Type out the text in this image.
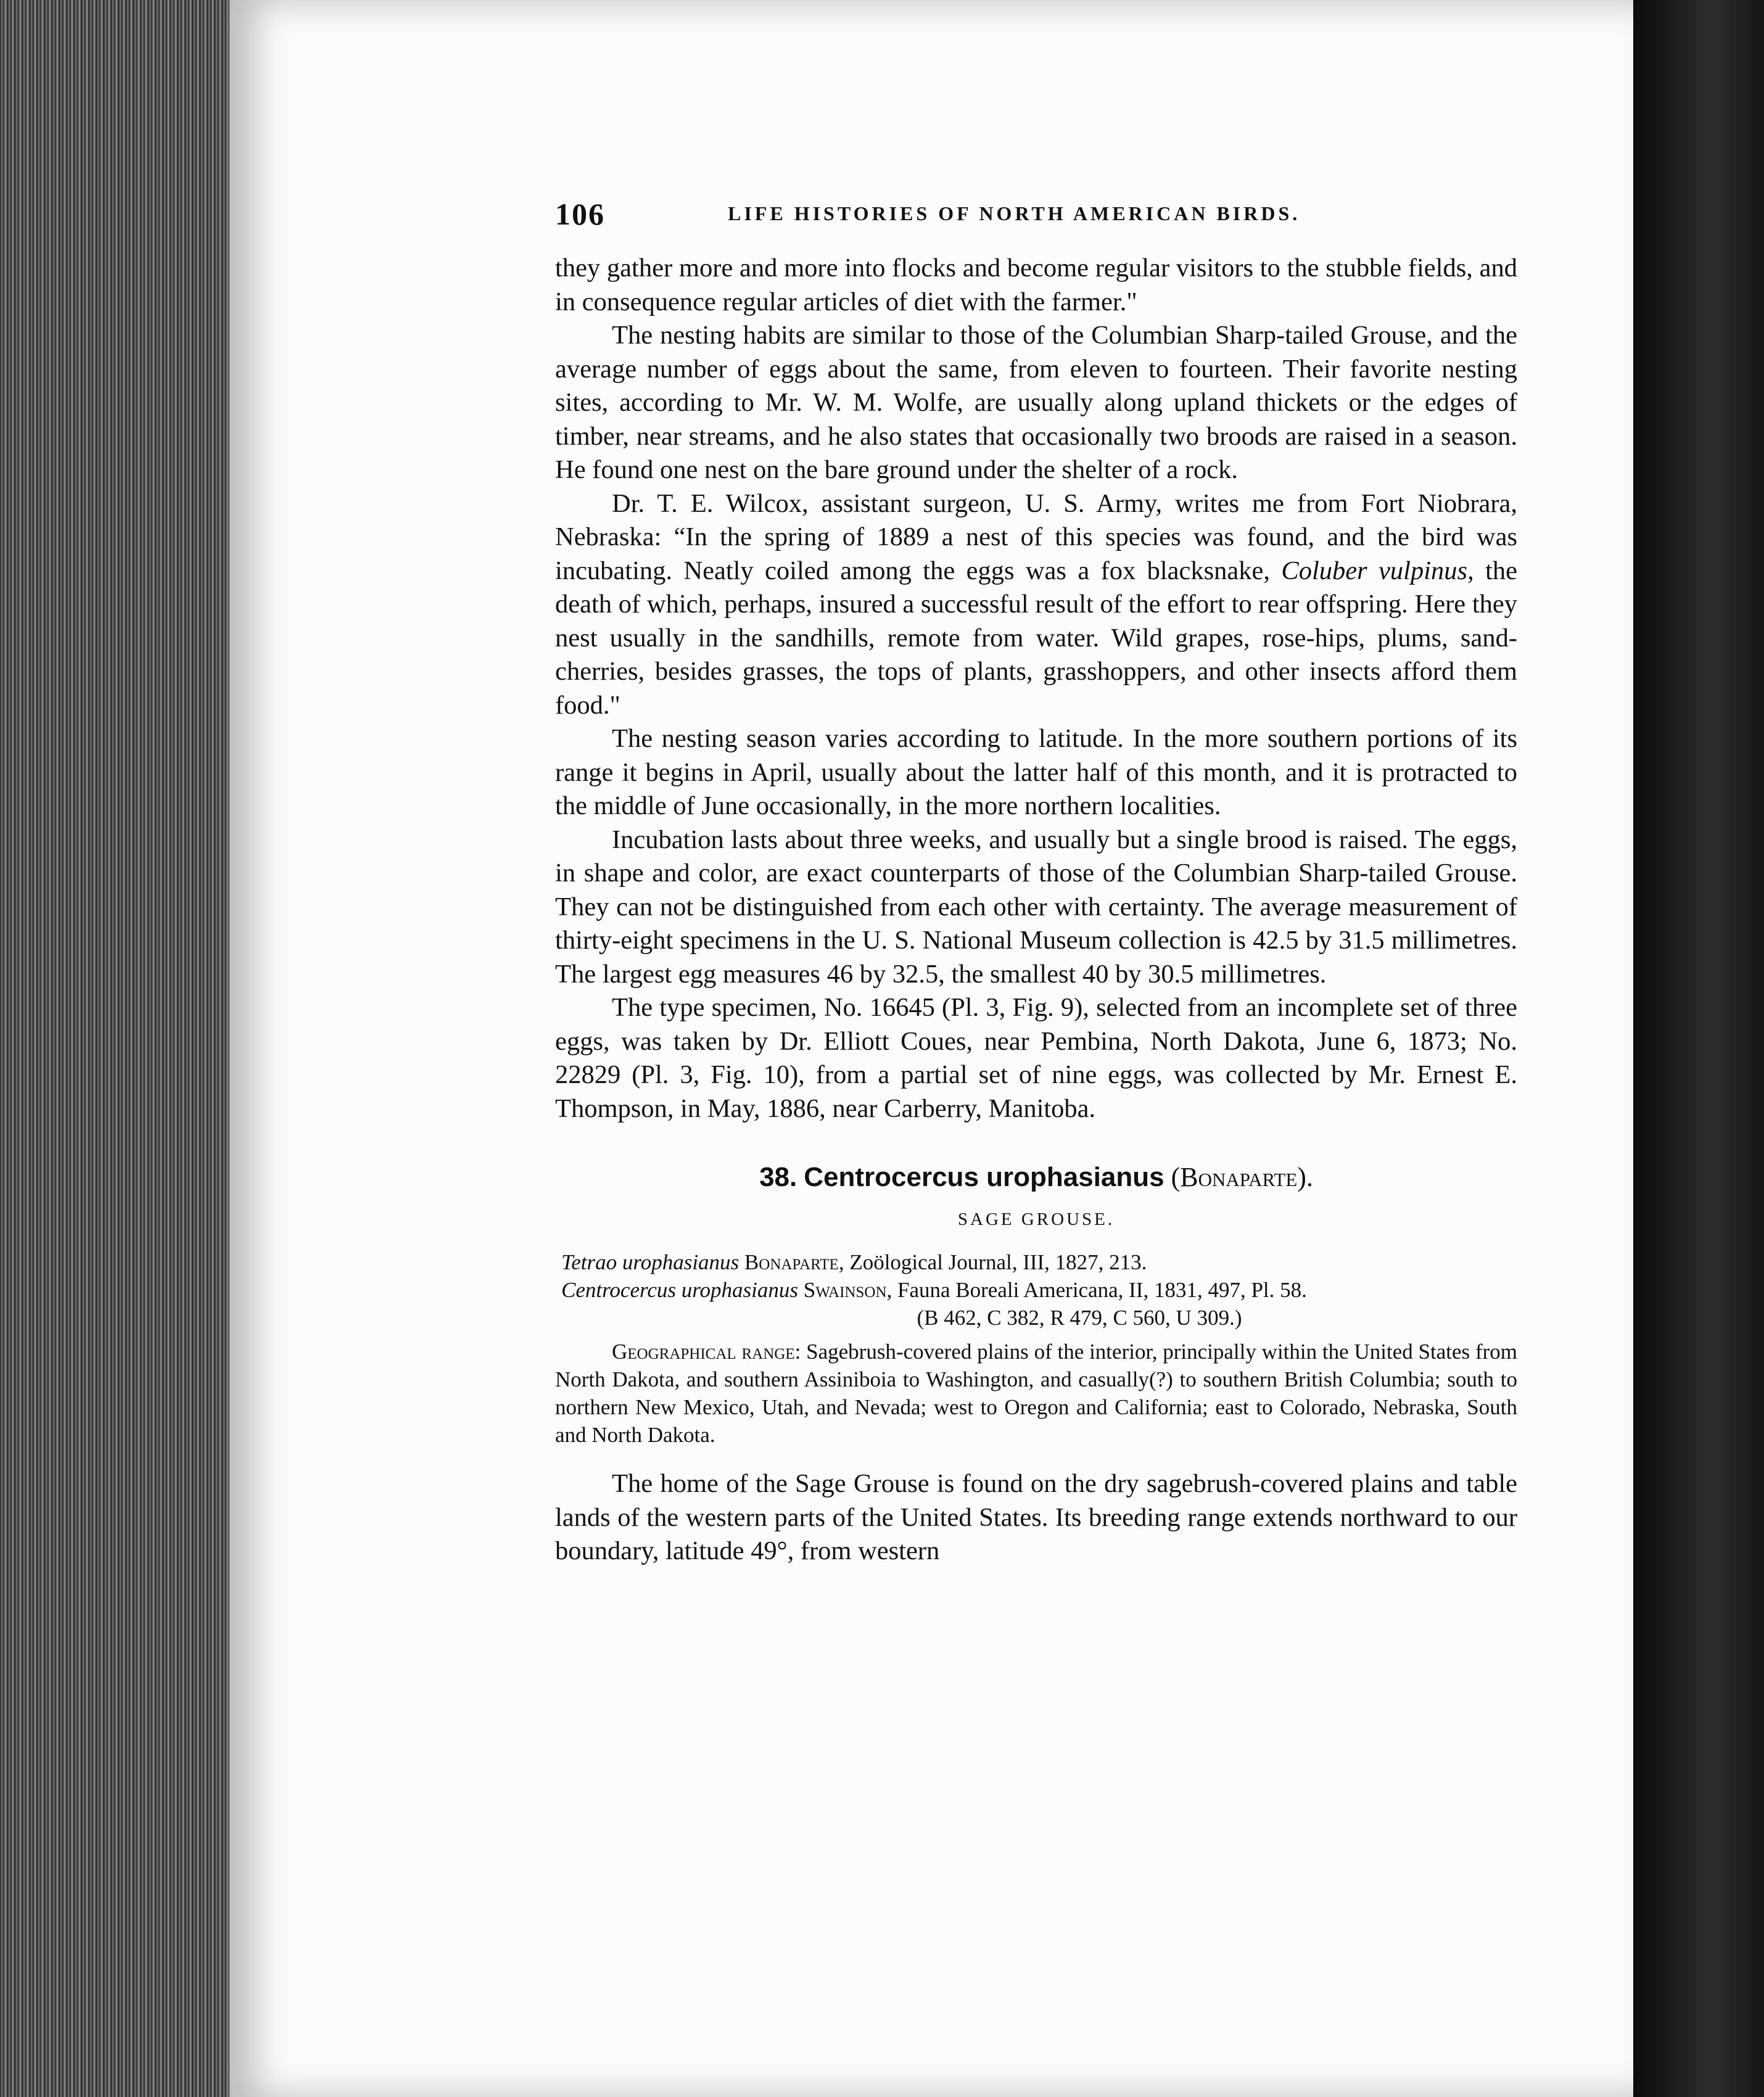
106	LIFE HISTORIES OF NORTH AMERICAN BIRDS.

they gather more and more into flocks and become regular visitors to the stubble fields, and in consequence regular articles of diet with the farmer."

The nesting habits are similar to those of the Columbian Sharp-tailed Grouse, and the average number of eggs about the same, from eleven to fourteen. Their favorite nesting sites, according to Mr. W. M. Wolfe, are usually along upland thickets or the edges of timber, near streams, and he also states that occasionally two broods are raised in a season. He found one nest on the bare ground under the shelter of a rock.

Dr. T. E. Wilcox, assistant surgeon, U. S. Army, writes me from Fort Niobrara, Nebraska: “In the spring of 1889 a nest of this species was found, and the bird was incubating. Neatly coiled among the eggs was a fox blacksnake, Coluber vulpinus, the death of which, perhaps, insured a successful result of the effort to rear offspring. Here they nest usually in the sandhills, remote from water. Wild grapes, rose-hips, plums, sand-cherries, besides grasses, the tops of plants, grasshoppers, and other insects afford them food."

The nesting season varies according to latitude. In the more southern portions of its range it begins in April, usually about the latter half of this month, and it is protracted to the middle of June occasionally, in the more northern localities.

Incubation lasts about three weeks, and usually but a single brood is raised. The eggs, in shape and color, are exact counterparts of those of the Columbian Sharp-tailed Grouse. They can not be distinguished from each other with certainty. The average measurement of thirty-eight specimens in the U. S. National Museum collection is 42.5 by 31.5 millimetres. The largest egg measures 46 by 32.5, the smallest 40 by 30.5 millimetres.

The type specimen, No. 16645 (Pl. 3, Fig. 9), selected from an incomplete set of three eggs, was taken by Dr. Elliott Coues, near Pembina, North Dakota, June 6, 1873; No. 22829 (Pl. 3, Fig. 10), from a partial set of nine eggs, was collected by Mr. Ernest E. Thompson, in May, 1886, near Carberry, Manitoba.

38. Centrocercus urophasianus (Bonaparte).
SAGE GROUSE.
Tetrao urophasianus Bonaparte, Zoölogical Journal, III, 1827, 213.
Centrocercus urophasianus Swainson, Fauna Boreali Americana, II, 1831, 497, Pl. 58.
(B 462, C 382, R 479, C 560, U 309.)

Geographical range: Sagebrush-covered plains of the interior, principally within the United States from North Dakota, and southern Assiniboia to Washington, and casually(?) to southern British Columbia; south to northern New Mexico, Utah, and Nevada; west to Oregon and California; east to Colorado, Nebraska, South and North Dakota.

The home of the Sage Grouse is found on the dry sagebrush-covered plains and table lands of the western parts of the United States. Its breeding range extends northward to our boundary, latitude 49°, from western
